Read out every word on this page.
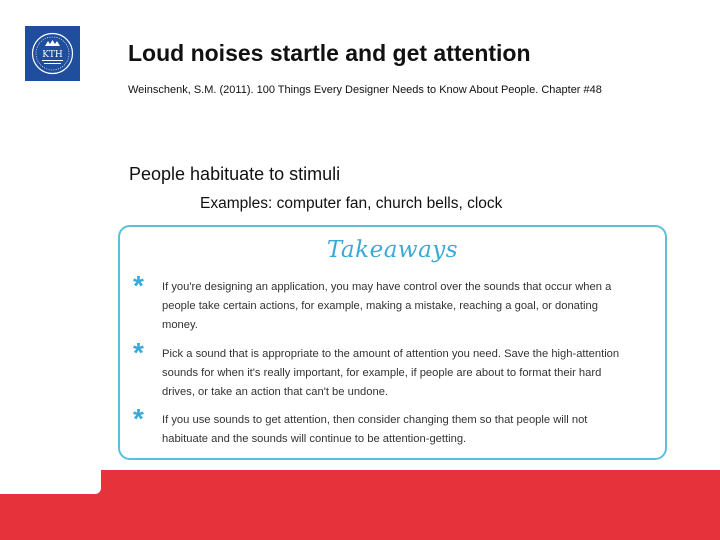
KTH	Loud noises startle and get attention
Weinschenk, S.M. (2011). 100 Things Every Designer Needs to Know About People. Chapter #48
People habituate to stimuli
Examples: computer fan, church bells, clock
Takeaways
* If you're designing an application, you may have control over the sounds that occur when a people take certain actions, for example, making a mistake, reaching a goal, or donating money.
* Pick a sound that is appropriate to the amount of attention you need. Save the high-attention sounds for when it's really important, for example, if people are about to format their hard drives, or take an action that can't be undone.
* If you use sounds to get attention, then consider changing them so that people will not habituate and the sounds will continue to be attention-getting.
